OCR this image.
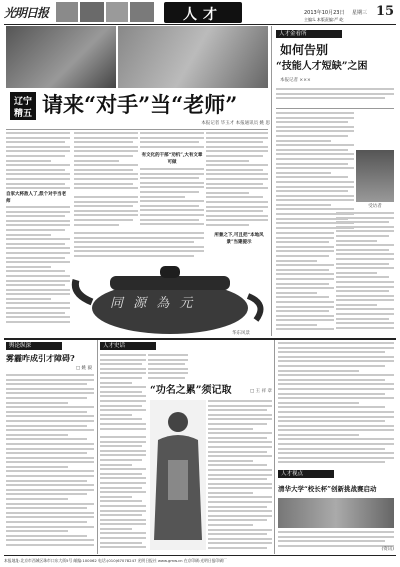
光明日报	人才	2013年10月23日	星期三 15
主编:L 本版责编:严 屹
辽宁
精五 请来“对手”当“老师”
本报记者 毕玉才 本报通讯员 姚 思
自家大将敌人了,派个对手当老师
有文化的干部“劝机”,大有文章可做
所兼之下,可且把“本地风景”当建提示
同 源 為 元
华东风景
人才金看所
如何告别
“技能人才短缺”之困
本报记者 ×××
受访者
舆论纵深
雾霾咋成引才障碍?
□ 姚 毅
人才史话
“功名之累”须记取	□ 王 祥 章
人才视点
清华大学“校长杯”创新挑战赛启动
(资讯)
本报地址:北京市西城区珠市口东大街5号 邮编:100062 电话:(010)67078247 光明日报社 www.gmw.cn 在京印刷:光明日报印刷厂
